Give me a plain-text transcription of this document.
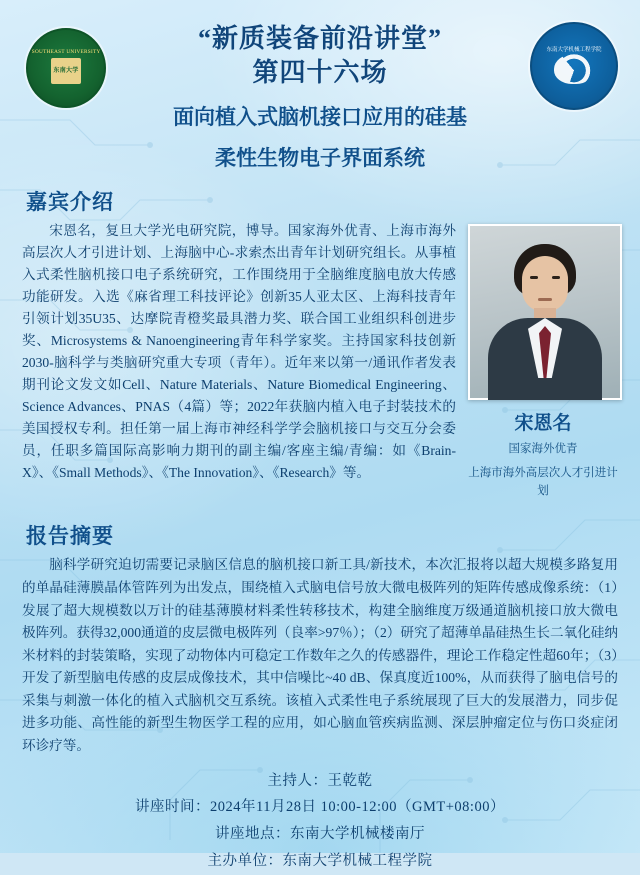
SOUTHEAST UNIVERSITY
东南大学
东南大学机械工程学院
“新质装备前沿讲堂”
第四十六场
面向植入式脑机接口应用的硅基
柔性生物电子界面系统
嘉宾介绍
宋恩名
国家海外优青
上海市海外高层次人才引进计划
宋恩名，复旦大学光电研究院，博导。国家海外优青、上海市海外高层次人才引进计划、上海脑中心-求索杰出青年计划研究组长。从事植入式柔性脑机接口电子系统研究，工作围绕用于全脑维度脑电放大传感功能研发。入选《麻省理工科技评论》创新35人亚太区、上海科技青年引领计划35U35、达摩院青橙奖最具潜力奖、联合国工业组织科创进步奖、Microsystems & Nanoengineering青年科学家奖。主持国家科技创新2030-脑科学与类脑研究重大专项（青年）。近年来以第一/通讯作者发表期刊论文发文如Cell、Nature Materials、Nature Biomedical Engineering、Science Advances、PNAS（4篇）等；2022年获脑内植入电子封装技术的美国授权专利。担任第一届上海市神经科学学会脑机接口与交互分会委员，任职多篇国际高影响力期刊的副主编/客座主编/青编：如《Brain-X》、《Small Methods》、《The Innovation》、《Research》等。
报告摘要
脑科学研究迫切需要记录脑区信息的脑机接口新工具/新技术，本次汇报将以超大规模多路复用的单晶硅薄膜晶体管阵列为出发点，围绕植入式脑电信号放大微电极阵列的矩阵传感成像系统：（1）发展了超大规模数以万计的硅基薄膜材料柔性转移技术，构建全脑维度万级通道脑机接口放大微电极阵列。获得32,000通道的皮层微电极阵列（良率>97％）；（2）研究了超薄单晶硅热生长二氧化硅纳米材料的封装策略，实现了动物体内可稳定工作数年之久的传感器件，理论工作稳定性超60年；（3）开发了新型脑电传感的皮层成像技术，其中信噪比~40 dB、保真度近100%，从而获得了脑电信号的采集与刺激一体化的植入式脑机交互系统。该植入式柔性电子系统展现了巨大的发展潜力，同步促进多功能、高性能的新型生物医学工程的应用，如心脑血管疾病监测、深层肿瘤定位与伤口炎症闭环诊疗等。
主持人：王乾乾
讲座时间：2024年11月28日 10:00-12:00（GMT+08:00）
讲座地点：东南大学机械楼南厅
主办单位：东南大学机械工程学院
